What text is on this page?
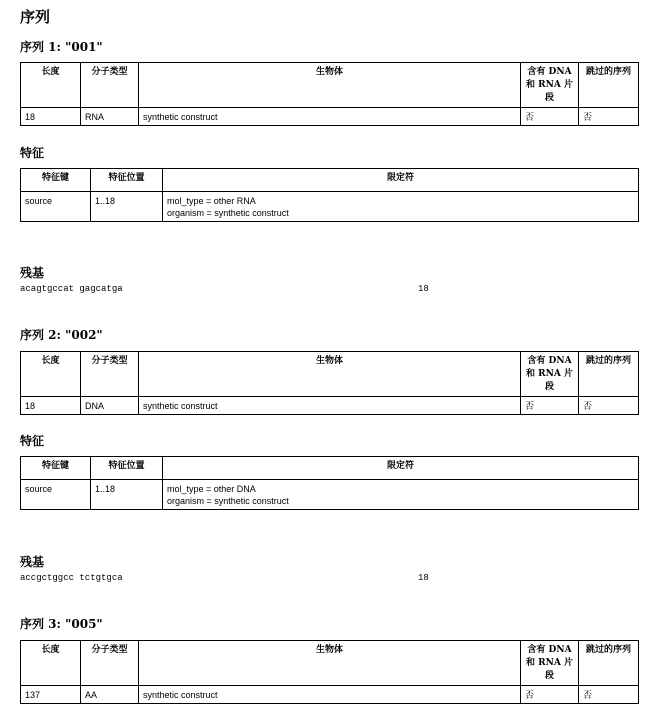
序列
序列 1: "001"
长度	分子类型	生物体	含有 DNA 和 RNA 片段	跳过的序列
18	RNA	synthetic construct	否	否
特征
特征键	特征位置	限定符
source	1..18	mol_type = other RNA
organism = synthetic construct
残基
acagtgccat gagcatga	18
序列 2: "002"
长度	分子类型	生物体	含有 DNA 和 RNA 片段	跳过的序列
18	DNA	synthetic construct	否	否
特征
特征键	特征位置	限定符
source	1..18	mol_type = other DNA
organism = synthetic construct
残基
accgctggcc tctgtgca	18
序列 3: "005"
长度	分子类型	生物体	含有 DNA 和 RNA 片段	跳过的序列
137	AA	synthetic construct	否	否
